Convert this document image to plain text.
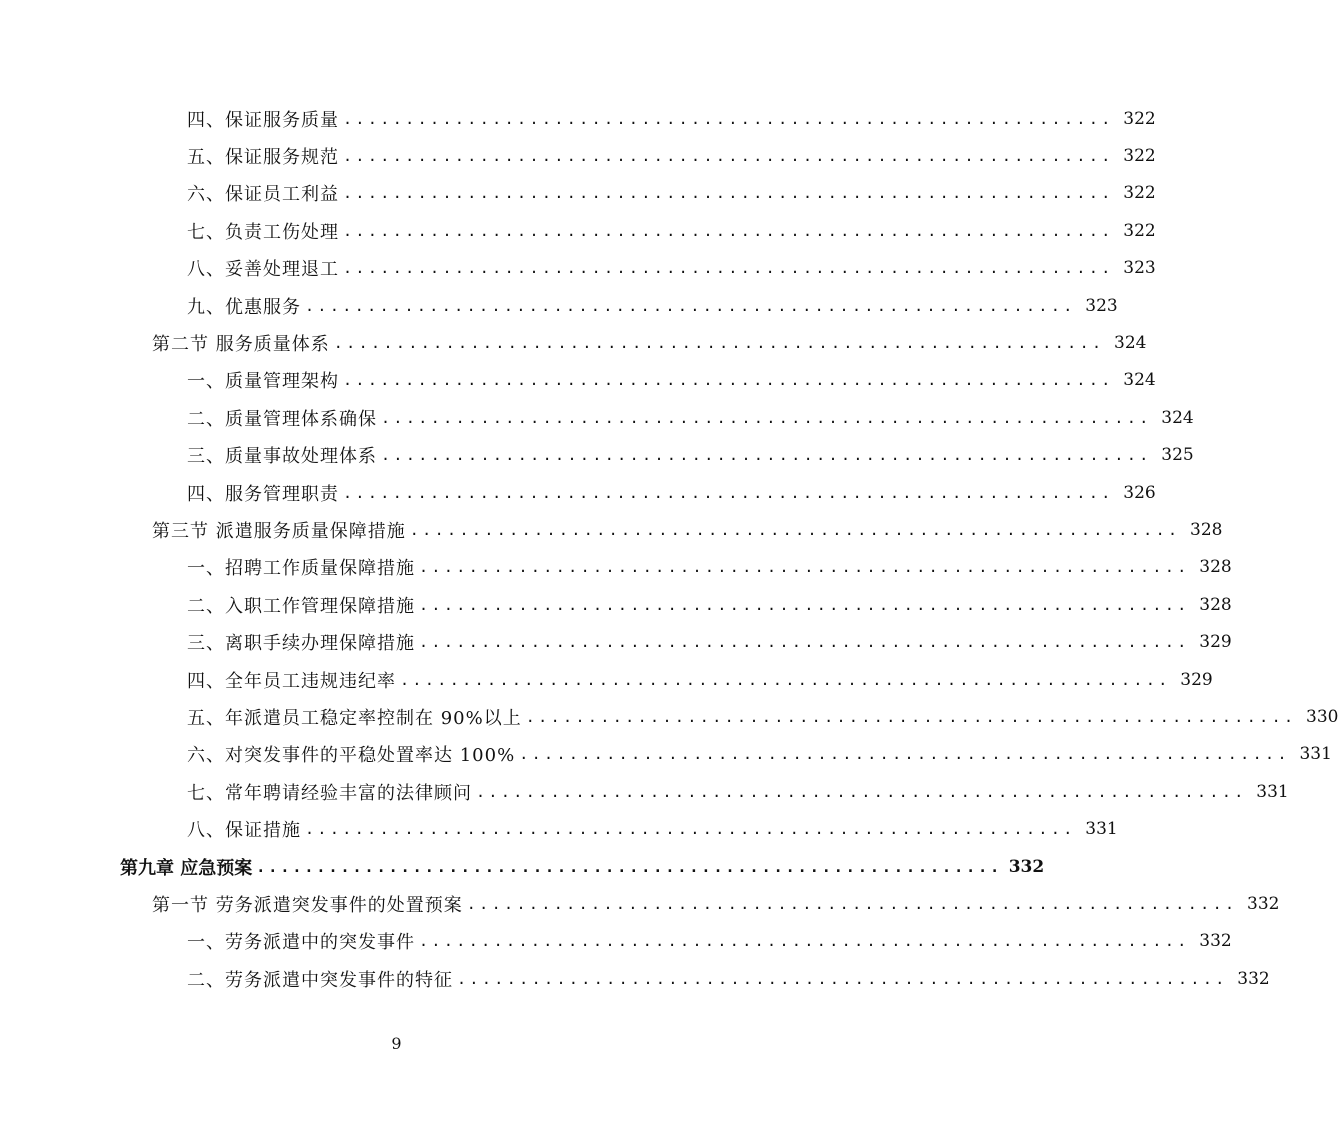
四、保证服务质量 .............................................................. 322
五、保证服务规范 .............................................................. 322
六、保证员工利益 .............................................................. 322
七、负责工伤处理 .............................................................. 322
八、妥善处理退工 .............................................................. 323
九、优惠服务 .............................................................. 323
第二节 服务质量体系 .............................................................. 324
一、质量管理架构 .............................................................. 324
二、质量管理体系确保 .............................................................. 324
三、质量事故处理体系 .............................................................. 325
四、服务管理职责 .............................................................. 326
第三节 派遣服务质量保障措施 .............................................................. 328
一、招聘工作质量保障措施 .............................................................. 328
二、入职工作管理保障措施 .............................................................. 328
三、离职手续办理保障措施 .............................................................. 329
四、全年员工违规违纪率 .............................................................. 329
五、年派遣员工稳定率控制在 90%以上 .............................................................. 330
六、对突发事件的平稳处置率达 100% .............................................................. 331
七、常年聘请经验丰富的法律顾问 .............................................................. 331
八、保证措施 .............................................................. 331
第九章 应急预案 .............................................................. 332
第一节 劳务派遣突发事件的处置预案 .............................................................. 332
一、劳务派遣中的突发事件 .............................................................. 332
二、劳务派遣中突发事件的特征 .............................................................. 332
9
